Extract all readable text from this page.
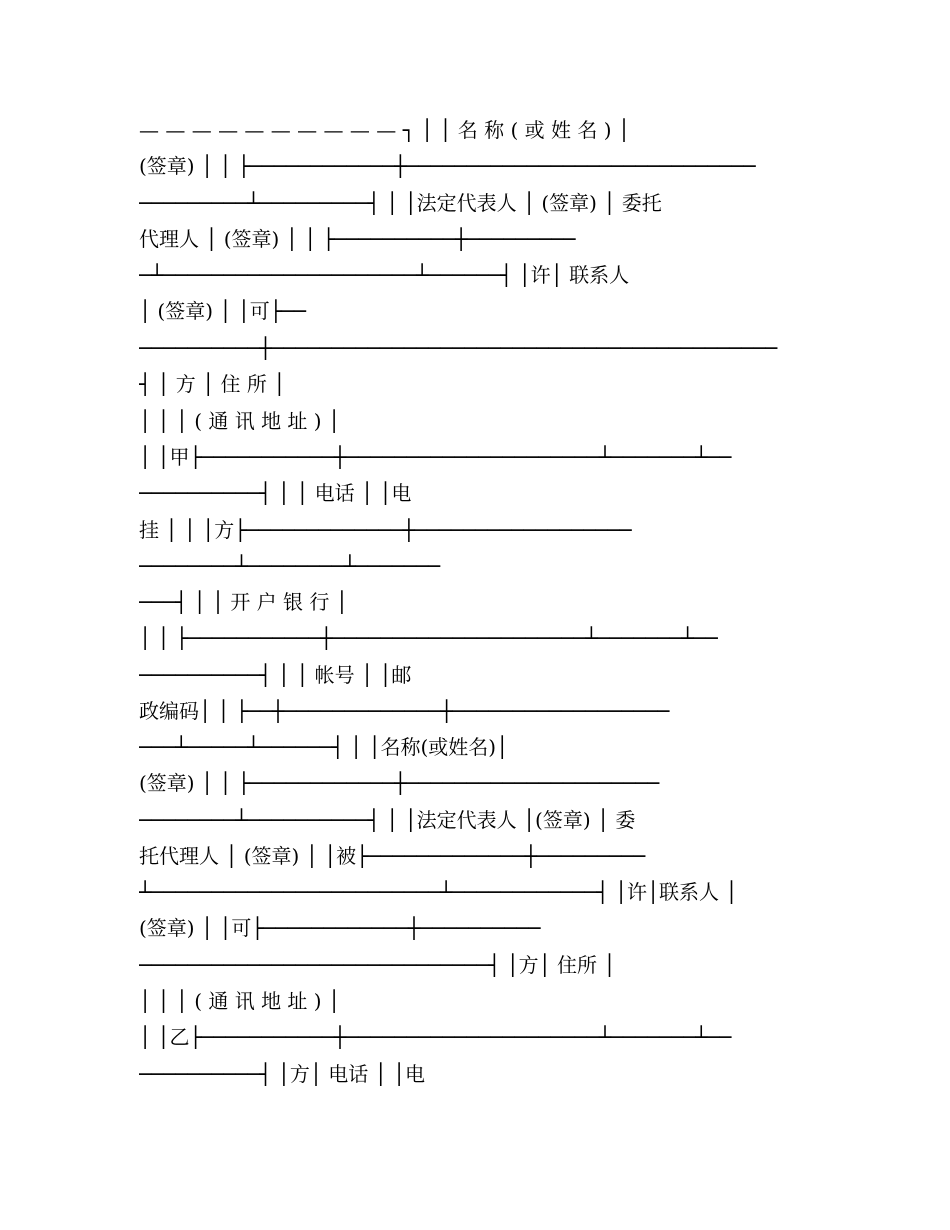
— — — — — — — — — — ┐ │ │ 名 称 ( 或 姓 名 ) │
(签章) │ │ ├────────────┼─────────────────────────────
─────────┴─────────┤ │ │法定代表人 │ (签章) │ 委托
代理人 │ (签章) │ │ ├──────────┼─────────
─┴─────────────────────┴──────┤ │许│ 联系人
│ (签章) │ │可├──
──────────┼──────────────────────────────────────────
┤ │ 方 │ 住 所 │
│ │ │ ( 通 讯 地 址 ) │
│ │甲├───────────┼─────────────────────┴───────┴──
──────────┤ │ │ 电话 │ │电
挂 │ │ │方├─────────────┼──────────────────
────────┴────────┴───────
───┤ │ │ 开 户 银 行 │
│ │ ├───────────┼─────────────────────┴───────┴──
──────────┤ │ │ 帐号 │ │邮
政编码│ │ ├──┼─────────────┼──────────────────
───┴─────┴──────┤ │ │名称(或姓名)│
(签章) │ │ ├────────────┼─────────────────────
────────┴──────────┤ │ │法定代表人 │(签章) │ 委
托代理人 │ (签章) │ │被├─────────────┼─────────
┴────────────────────────┴────────────┤ │许│联系人 │
(签章) │ │可├────────────┼──────────
─────────────────────────────┤ │方│ 住所 │
│ │ │ ( 通 讯 地 址 ) │
│ │乙├───────────┼─────────────────────┴───────┴──
──────────┤ │方│ 电话 │ │电
